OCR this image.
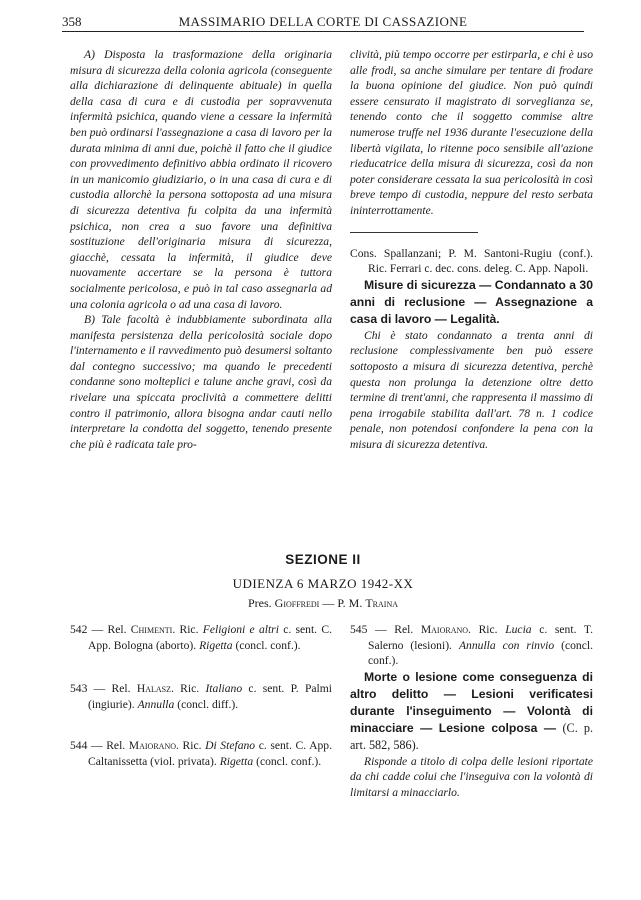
358	MASSIMARIO DELLA CORTE DI CASSAZIONE

A) Disposta la trasformazione della originaria misura di sicurezza della colonia agricola (conseguente alla dichiarazione di delinquente abituale) in quella della casa di cura e di custodia per sopravvenuta infermità psichica, quando viene a cessare la infermità ben può ordinarsi l'assegnazione a casa di lavoro per la durata minima di anni due, poichè il fatto che il giudice con provvedimento definitivo abbia ordinato il ricovero in un manicomio giudiziario, o in una casa di cura e di custodia allorchè la persona sottoposta ad una misura di sicurezza detentiva fu colpita da una infermità psichica, non crea a suo favore una definitiva sostituzione dell'originaria misura di sicurezza, giacchè, cessata la infermità, il giudice deve nuovamente accertare se la persona è tuttora socialmente pericolosa, e può in tal caso assegnarla ad una colonia agricola o ad una casa di lavoro.

B) Tale facoltà è indubbiamente subordinata alla manifesta persistenza della pericolosità sociale dopo l'internamento e il ravvedimento può desumersi soltanto dal contegno successivo; ma quando le precedenti condanne sono molteplici e talune anche gravi, così da rivelare una spiccata proclività a commettere delitti contro il patrimonio, allora bisogna andar cauti nello interpretare la condotta del soggetto, tenendo presente che più è radicata tale pro-

clività, più tempo occorre per estirparla, e chi è uso alle frodi, sa anche simulare per tentare di frodare la buona opinione del giudice. Non può quindi essere censurato il magistrato di sorveglianza se, tenendo conto che il soggetto commise altre numerose truffe nel 1936 durante l'esecuzione della libertà vigilata, lo ritenne poco sensibile all'azione rieducatrice della misura di sicurezza, così da non poter considerare cessata la sua pericolosità in così breve tempo di custodia, neppure del resto serbata ininterrottamente.

Cons. Spallanzani; P. M. Santoni-Rugiu (conf.). Ric. Ferrari c. dec. cons. deleg. C. App. Napoli.

Misure di sicurezza — Condannato a 30 anni di reclusione — Assegnazione a casa di lavoro — Legalità.

Chi è stato condannato a trenta anni di reclusione complessivamente ben può essere sottoposto a misura di sicurezza detentiva, perchè questa non prolunga la detenzione oltre detto termine di trent'anni, che rappresenta il massimo di pena irrogabile stabilita dall'art. 78 n. 1 codice penale, non potendosi confondere la pena con la misura di sicurezza detentiva.

SEZIONE II
UDIENZA 6 MARZO 1942-XX
Pres. Gioffredi — P. M. Traina

542 — Rel. Chimenti. Ric. Feligioni e altri c. sent. C. App. Bologna (aborto). Rigetta (concl. conf.).

543 — Rel. Halasz. Ric. Italiano c. sent. P. Palmi (ingiurie). Annulla (concl. diff.).

544 — Rel. Maiorano. Ric. Di Stefano c. sent. C. App. Caltanissetta (viol. privata). Rigetta (concl. conf.).

545 — Rel. Maiorano. Ric. Lucia c. sent. T. Salerno (lesioni). Annulla con rinvio (concl. conf.).

Morte o lesione come conseguenza di altro delitto — Lesioni verificatesi durante l'inseguimento — Volontà di minacciare — Lesione colposa — (C. p. art. 582, 586).

Risponde a titolo di colpa delle lesioni riportate da chi cadde colui che l'inseguiva con la volontà di limitarsi a minacciarlo.
